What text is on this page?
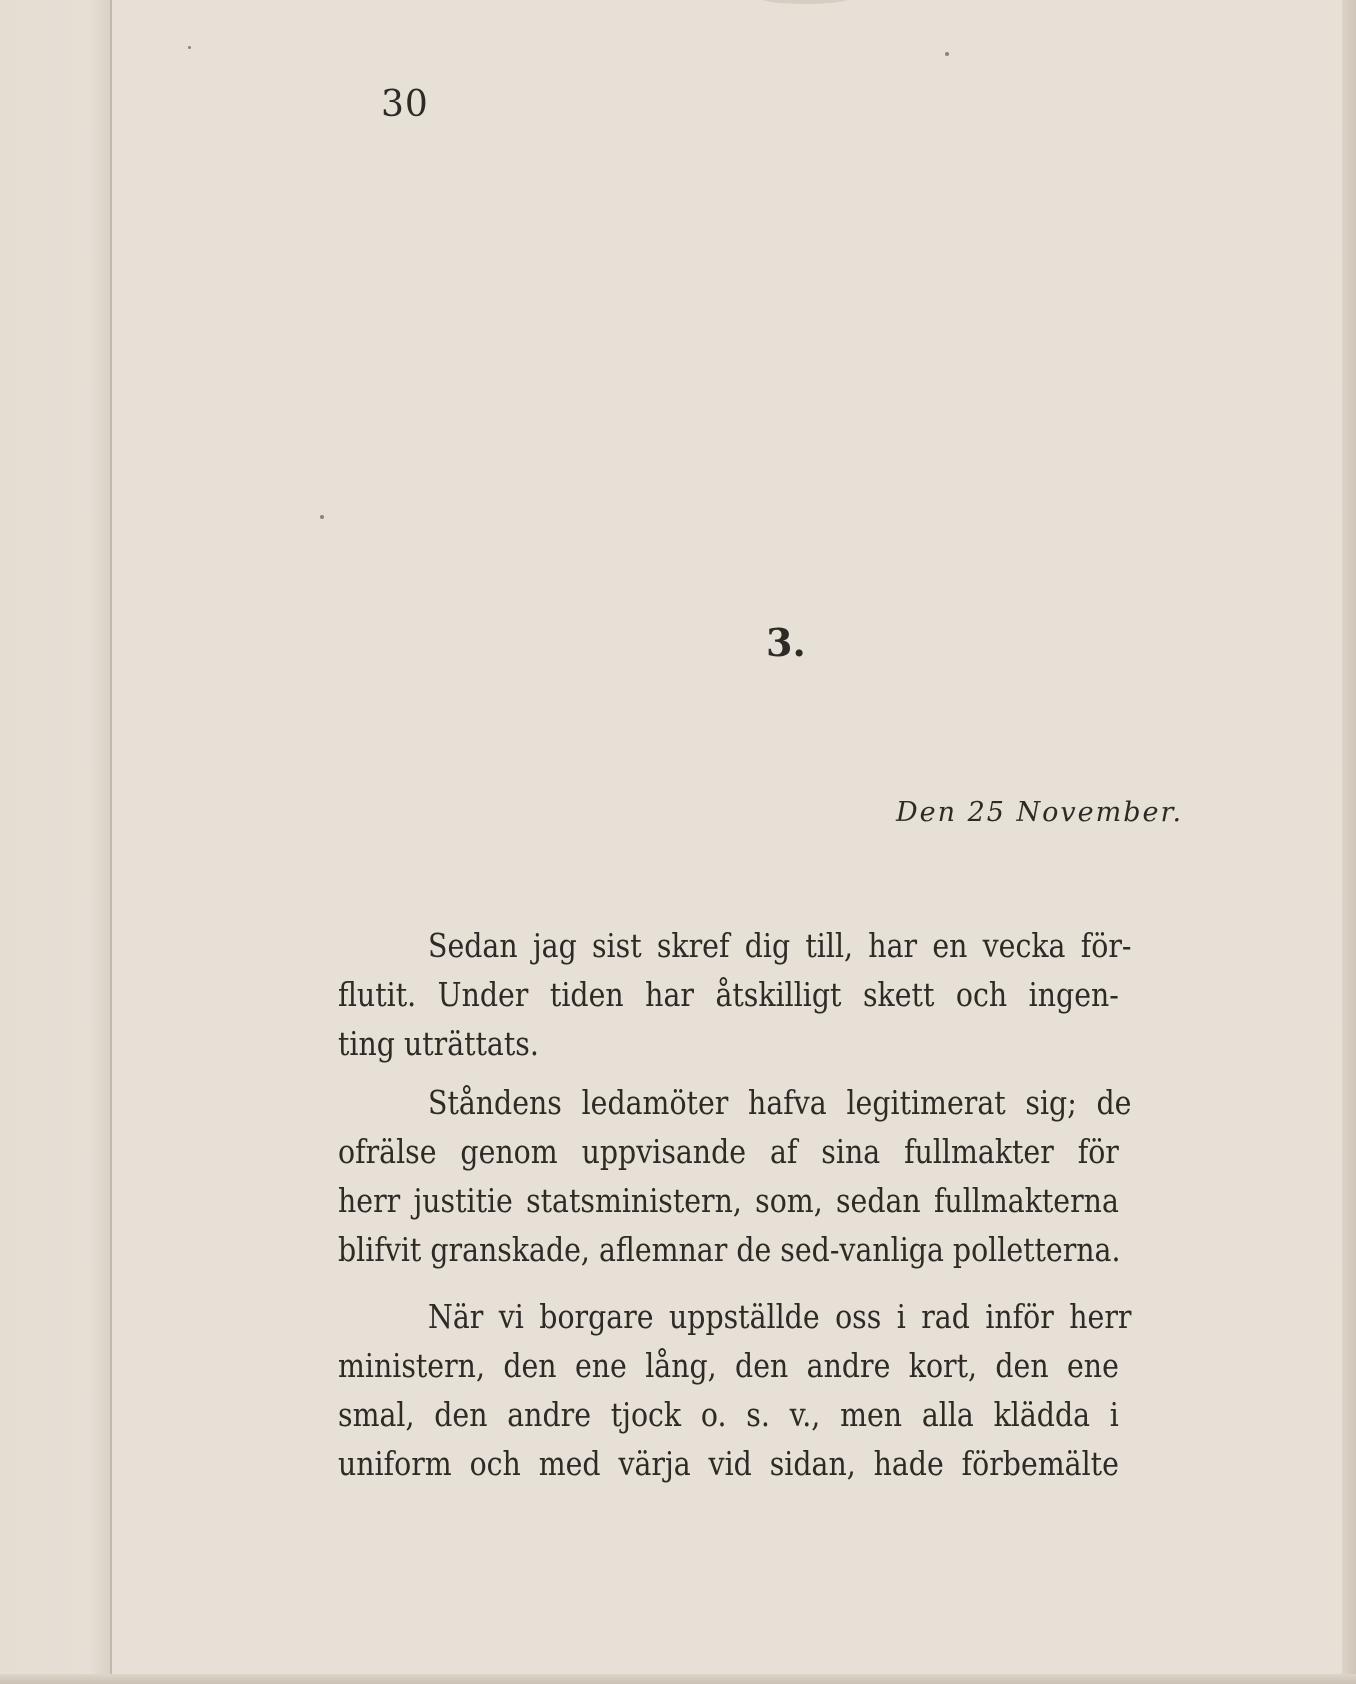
30
3.
Den 25 November.
Sedan jag sist skref dig till, har en vecka för-
flutit. Under tiden har åtskilligt skett och ingen-
ting uträttats.
Ståndens ledamöter hafva legitimerat sig; de
ofrälse genom uppvisande af sina fullmakter för
herr justitie statsministern, som, sedan fullmakterna
blifvit granskade, aflemnar de sed-vanliga polletterna.
När vi borgare uppställde oss i rad inför herr
ministern, den ene lång, den andre kort, den ene
smal, den andre tjock o. s. v., men alla klädda i
uniform och med värja vid sidan, hade förbemälte
